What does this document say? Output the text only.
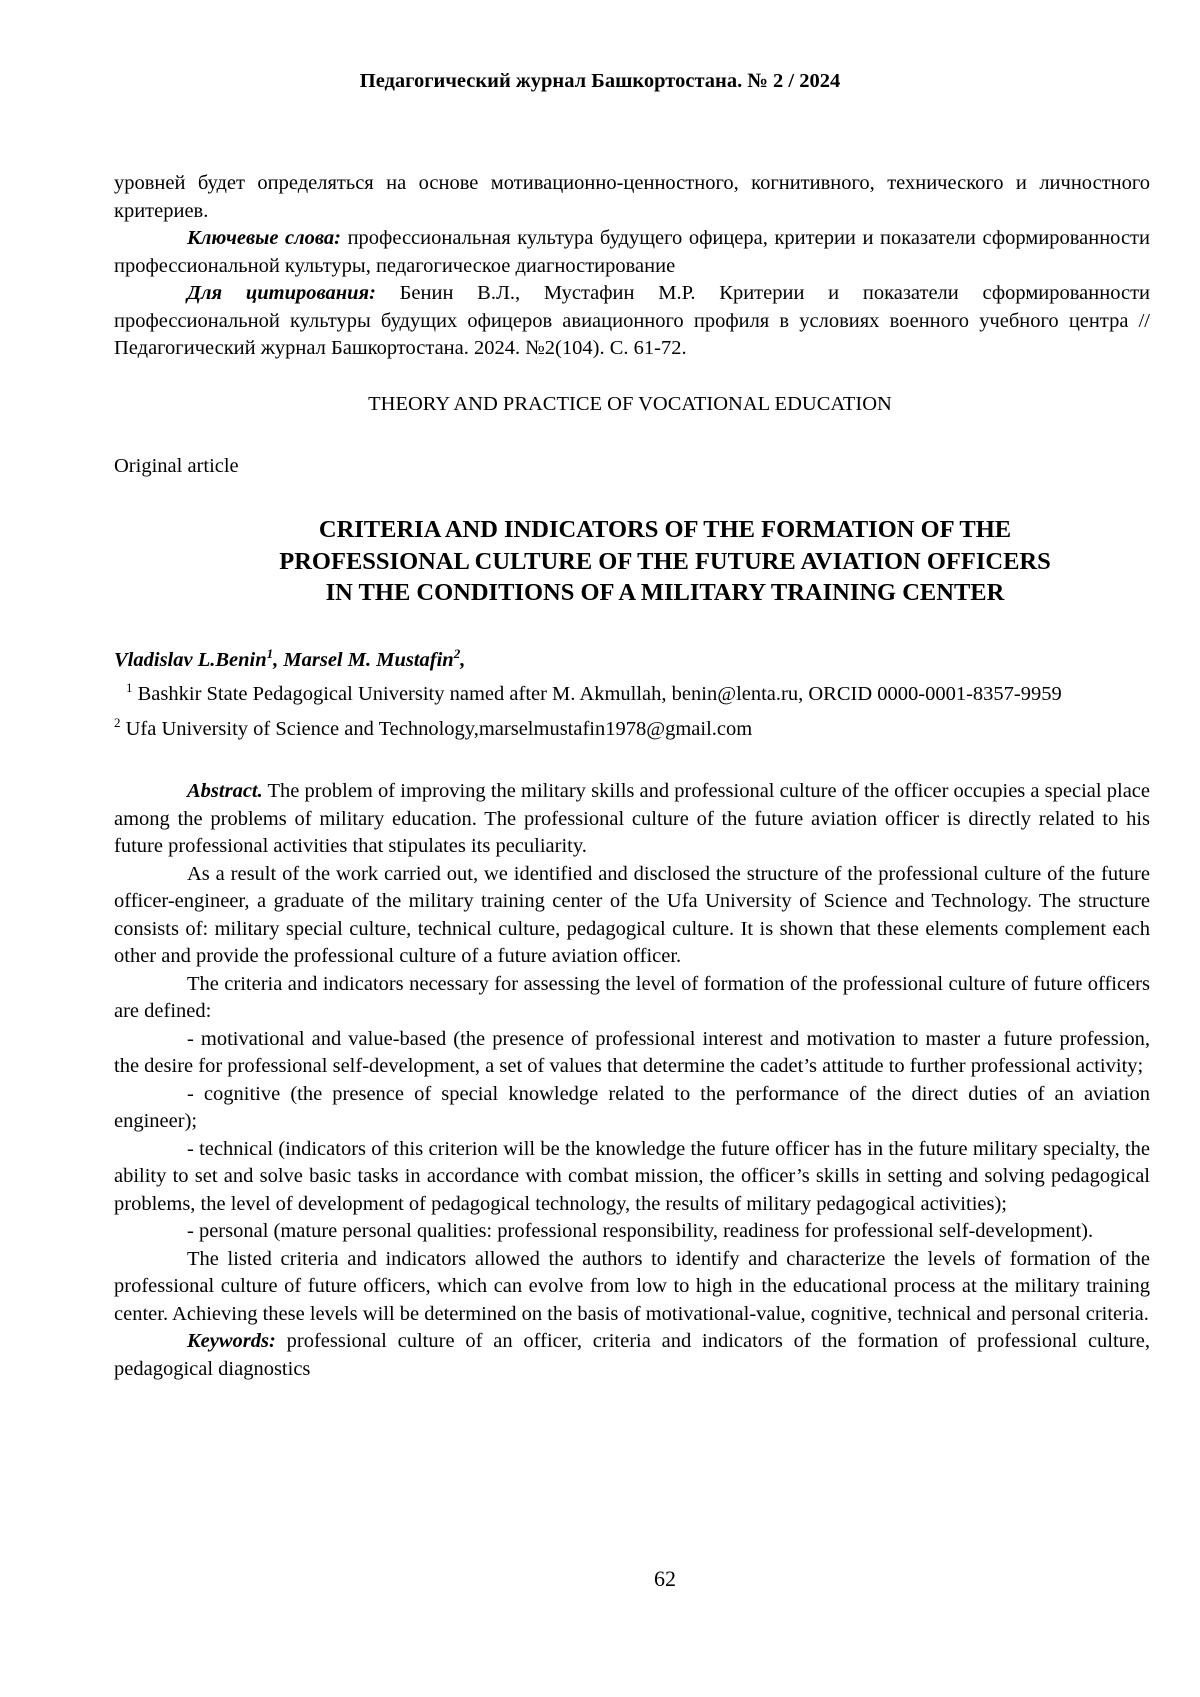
Педагогический журнал Башкортостана. № 2 / 2024

уровней будет определяться на основе мотивационно-ценностного, когнитивного, технического и личностного критериев.

Ключевые слова: профессиональная культура будущего офицера, критерии и показатели сформированности профессиональной культуры, педагогическое диагностирование

Для цитирования: Бенин В.Л., Мустафин М.Р. Критерии и показатели сформированности профессиональной культуры будущих офицеров авиационного профиля в условиях военного учебного центра // Педагогический журнал Башкортостана. 2024. №2(104). С. 61-72.

THEORY AND PRACTICE OF VOCATIONAL EDUCATION
Original article
CRITERIA AND INDICATORS OF THE FORMATION OF THE
PROFESSIONAL CULTURE OF THE FUTURE AVIATION OFFICERS
IN THE CONDITIONS OF A MILITARY TRAINING CENTER

Vladislav L.Benin$^1$, Marsel M. Mustafin$^2$,

$^1$ Bashkir State Pedagogical University named after M. Akmullah, benin@lenta.ru, ORCID 0000-0001-8357-9959

$^2$ Ufa University of Science and Technology,marselmustafin1978@gmail.com

Abstract. The problem of improving the military skills and professional culture of the officer occupies a special place among the problems of military education. The professional culture of the future aviation officer is directly related to his future professional activities that stipulates its peculiarity.

As a result of the work carried out, we identified and disclosed the structure of the professional culture of the future officer-engineer, a graduate of the military training center of the Ufa University of Science and Technology. The structure consists of: military special culture, technical culture, pedagogical culture. It is shown that these elements complement each other and provide the professional culture of a future aviation officer.

The criteria and indicators necessary for assessing the level of formation of the professional culture of future officers are defined:

- motivational and value-based (the presence of professional interest and motivation to master a future profession, the desire for professional self-development, a set of values that determine the cadet’s attitude to further professional activity;

- cognitive (the presence of special knowledge related to the performance of the direct duties of an aviation engineer);

- technical (indicators of this criterion will be the knowledge the future officer has in the future military specialty, the ability to set and solve basic tasks in accordance with combat mission, the officer’s skills in setting and solving pedagogical problems, the level of development of pedagogical technology, the results of military pedagogical activities);

- personal (mature personal qualities: professional responsibility, readiness for professional self-development).

The listed criteria and indicators allowed the authors to identify and characterize the levels of formation of the professional culture of future officers, which can evolve from low to high in the educational process at the military training center. Achieving these levels will be determined on the basis of motivational-value, cognitive, technical and personal criteria.

Keywords: professional culture of an officer, criteria and indicators of the formation of professional culture, pedagogical diagnostics

62
